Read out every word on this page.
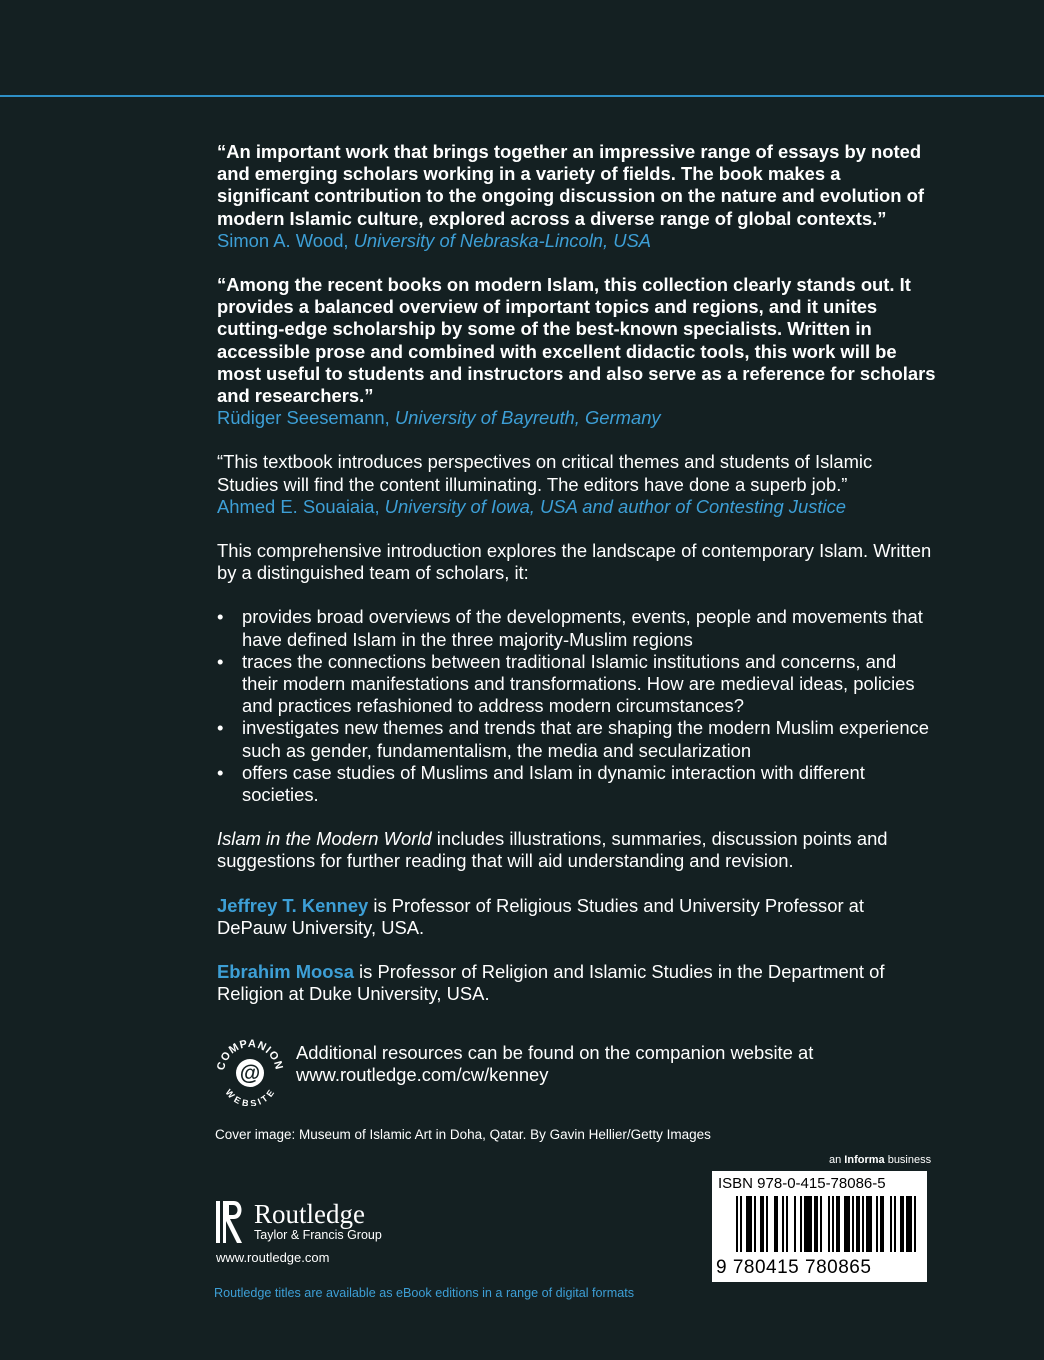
“An important work that brings together an impressive range of essays by noted and emerging scholars working in a variety of fields. The book makes a significant contribution to the ongoing discussion on the nature and evolution of modern Islamic culture, explored across a diverse range of global contexts.”

Simon A. Wood, University of Nebraska-Lincoln, USA

“Among the recent books on modern Islam, this collection clearly stands out. It provides a balanced overview of important topics and regions, and it unites cutting-edge scholarship by some of the best-known specialists. Written in accessible prose and combined with excellent didactic tools, this work will be most useful to students and instructors and also serve as a reference for scholars and researchers.”

Rüdiger Seesemann, University of Bayreuth, Germany

“This textbook introduces perspectives on critical themes and students of Islamic Studies will find the content illuminating. The editors have done a superb job.”

Ahmed E. Souaiaia, University of Iowa, USA and author of Contesting Justice

This comprehensive introduction explores the landscape of contemporary Islam. Written by a distinguished team of scholars, it:

• provides broad overviews of the developments, events, people and movements that have defined Islam in the three majority-Muslim regions
• traces the connections between traditional Islamic institutions and concerns, and their modern manifestations and transformations. How are medieval ideas, policies and practices refashioned to address modern circumstances?
• investigates new themes and trends that are shaping the modern Muslim experience such as gender, fundamentalism, the media and secularization
• offers case studies of Muslims and Islam in dynamic interaction with different societies.

Islam in the Modern World includes illustrations, summaries, discussion points and suggestions for further reading that will aid understanding and revision.

Jeffrey T. Kenney is Professor of Religious Studies and University Professor at DePauw University, USA.

Ebrahim Moosa is Professor of Religion and Islamic Studies in the Department of Religion at Duke University, USA.

COMPANION
WEBSITE
@
Additional resources can be found on the companion website at
www.routledge.com/cw/kenney
Cover image: Museum of Islamic Art in Doha, Qatar. By Gavin Hellier/Getty Images
an Informa business
Routledge
Taylor & Francis Group
www.routledge.com
Routledge titles are available as eBook editions in a range of digital formats
ISBN 978-0-415-78086-5
9 780415 780865
